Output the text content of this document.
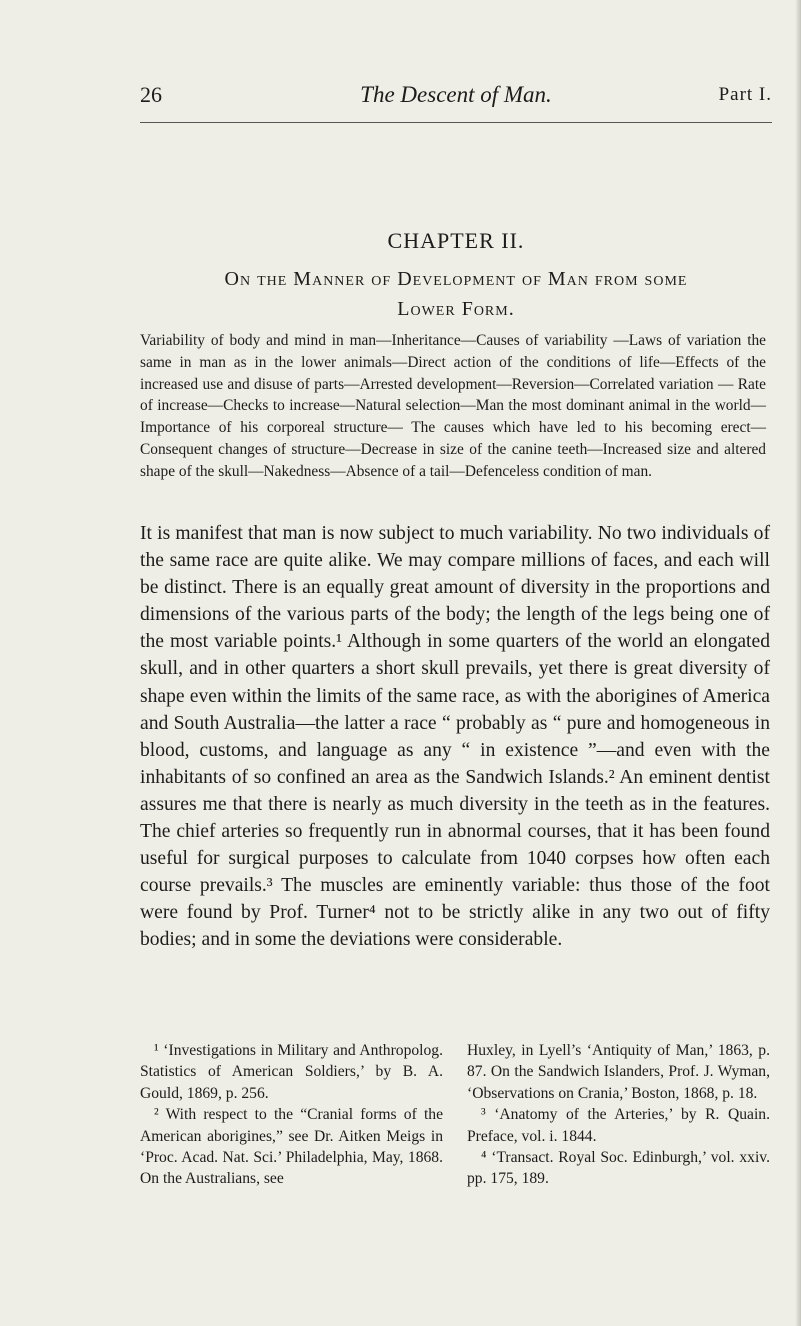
26	The Descent of Man.	Part I.
CHAPTER II.
On the Manner of Development of Man from some
Lower Form.
Variability of body and mind in man—Inheritance—Causes of variability —Laws of variation the same in man as in the lower animals—Direct action of the conditions of life—Effects of the increased use and disuse of parts—Arrested development—Reversion—Correlated variation — Rate of increase—Checks to increase—Natural selection—Man the most dominant animal in the world—Importance of his corporeal structure— The causes which have led to his becoming erect—Consequent changes of structure—Decrease in size of the canine teeth—Increased size and altered shape of the skull—Nakedness—Absence of a tail—Defenceless condition of man.
It is manifest that man is now subject to much variability. No two individuals of the same race are quite alike. We may compare millions of faces, and each will be distinct. There is an equally great amount of diversity in the proportions and dimensions of the various parts of the body; the length of the legs being one of the most variable points.¹ Although in some quarters of the world an elongated skull, and in other quarters a short skull prevails, yet there is great diversity of shape even within the limits of the same race, as with the aborigines of America and South Australia—the latter a race “ probably as “ pure and homogeneous in blood, customs, and language as any “ in existence ”—and even with the inhabitants of so confined an area as the Sandwich Islands.² An eminent dentist assures me that there is nearly as much diversity in the teeth as in the features. The chief arteries so frequently run in abnormal courses, that it has been found useful for surgical purposes to calculate from 1040 corpses how often each course prevails.³ The muscles are eminently variable: thus those of the foot were found by Prof. Turner⁴ not to be strictly alike in any two out of fifty bodies; and in some the deviations were considerable.

¹ ‘Investigations in Military and Anthropolog. Statistics of American Soldiers,’ by B. A. Gould, 1869, p. 256.

² With respect to the “Cranial forms of the American aborigines,” see Dr. Aitken Meigs in ‘Proc. Acad. Nat. Sci.’ Philadelphia, May, 1868. On the Australians, see

Huxley, in Lyell’s ‘Antiquity of Man,’ 1863, p. 87. On the Sandwich Islanders, Prof. J. Wyman, ‘Observations on Crania,’ Boston, 1868, p. 18.

³ ‘Anatomy of the Arteries,’ by R. Quain. Preface, vol. i. 1844.

⁴ ‘Transact. Royal Soc. Edinburgh,’ vol. xxiv. pp. 175, 189.
